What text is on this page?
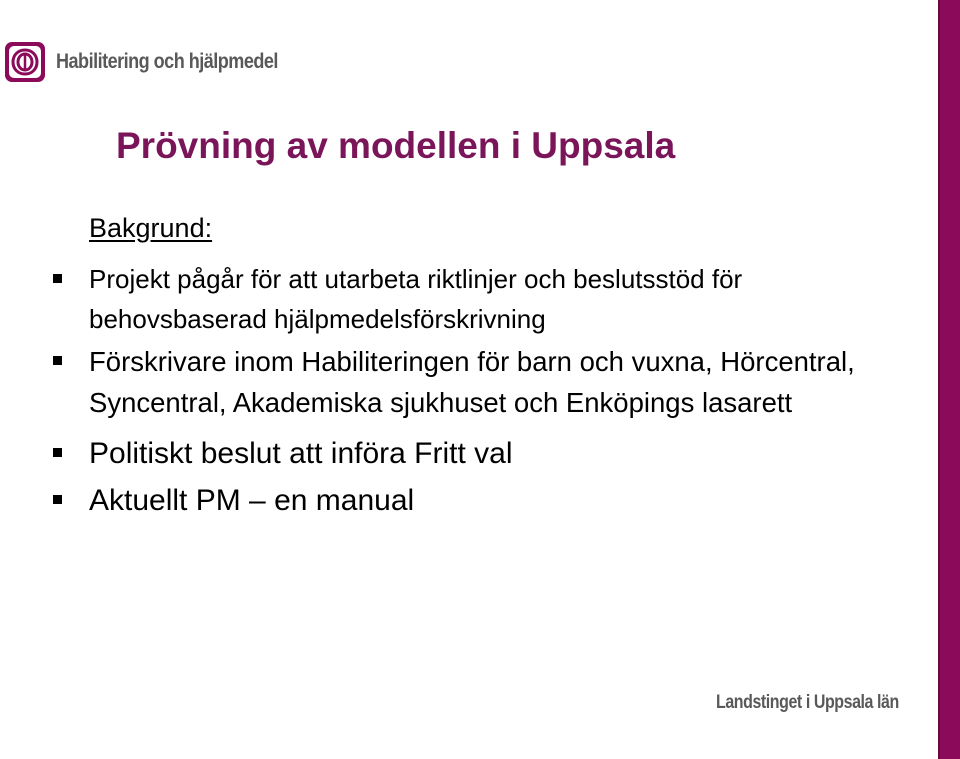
Habilitering och hjälpmedel
Prövning av modellen i Uppsala
Bakgrund:
Projekt pågår för att utarbeta riktlinjer och beslutsstöd för behovsbaserad hjälpmedelsförskrivning
Förskrivare inom Habiliteringen för barn och vuxna, Hörcentral, Syncentral, Akademiska sjukhuset och Enköpings lasarett
Politiskt beslut att införa Fritt val
Aktuellt PM – en manual
Landstinget i Uppsala län
